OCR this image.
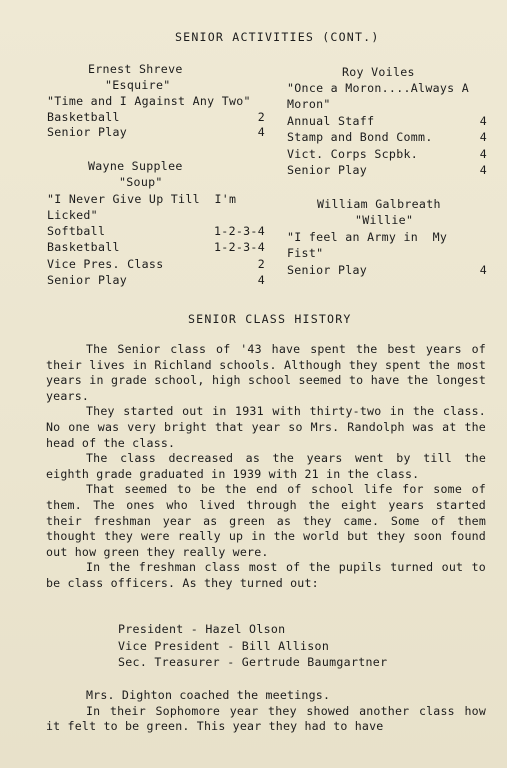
SENIOR ACTIVITIES (CONT.)
Ernest Shreve
"Esquire"
"Time and I Against Any Two"
Basketball	2
Senior Play	4
Wayne Supplee
"Soup"
"I Never Give Up Till  I'm
Licked"
Softball	1-2-3-4
Basketball	1-2-3-4
Vice Pres. Class	2
Senior Play	4
Roy Voiles
"Once a Moron....Always A
Moron"
Annual Staff	4
Stamp and Bond Comm.	4
Vict. Corps Scpbk.	4
Senior Play	4
William Galbreath
"Willie"
"I feel an Army in  My
Fist"
Senior Play	4
SENIOR CLASS HISTORY

The Senior class of '43 have spent the best years of their lives in Richland schools. Although they spent the most years in grade school, high school seemed to have the longest years.

They started out in 1931 with thirty-two in the class. No one was very bright that year so Mrs. Randolph was at the head of the class.

The class decreased as the years went by till the eighth grade graduated in 1939 with 21 in the class.

That seemed to be the end of school life for some of them. The ones who lived through the eight years started their freshman year as green as they came. Some of them thought they were really up in the world but they soon found out how green they really were.

In the freshman class most of the pupils turned out to be class officers. As they turned out:

President - Hazel Olson
Vice President - Bill Allison
Sec. Treasurer - Gertrude Baumgartner

Mrs. Dighton coached the meetings.

In their Sophomore year they showed another class how it felt to be green. This year they had to have
